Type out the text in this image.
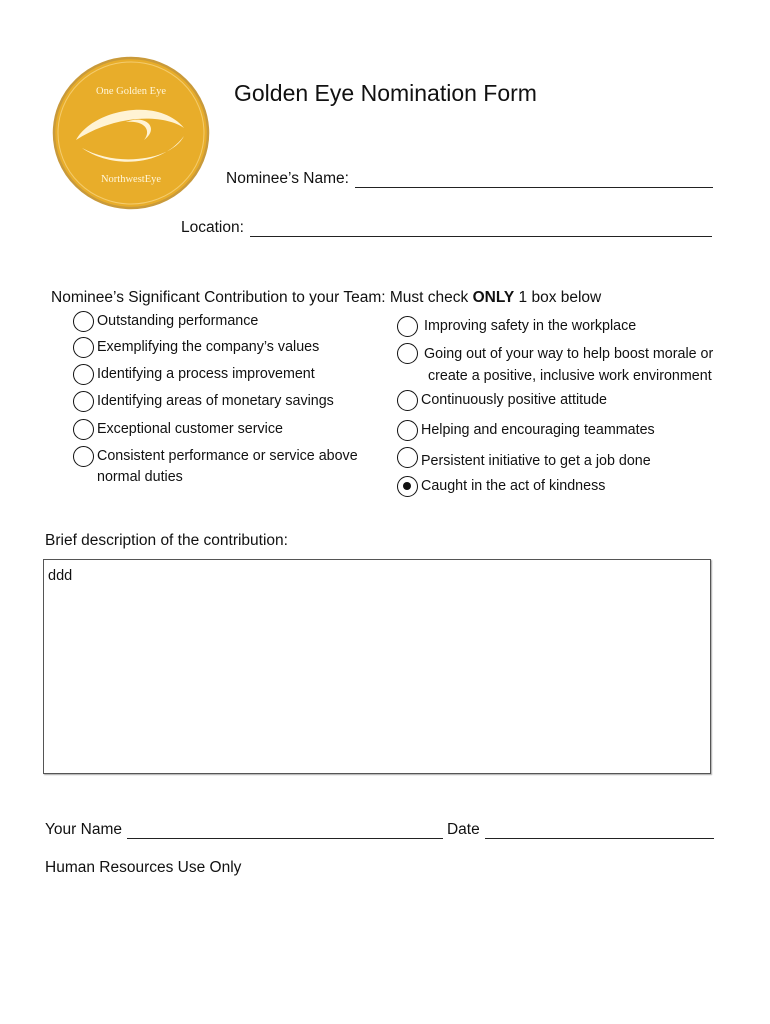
One Golden Eye
NorthwestEye
Golden Eye Nomination Form
Nominee’s Name:
Location:
Nominee’s Significant Contribution to your Team: Must check ONLY 1 box below
Outstanding performance
Exemplifying the company’s values
Identifying a process improvement
Identifying areas of monetary savings
Exceptional customer service
Consistent performance or service above
normal duties
Improving safety in the workplace
Going out of your way to help boost morale or
create a positive, inclusive work environment
Continuously positive attitude
Helping and encouraging teammates
Persistent initiative to get a job done
Caught in the act of kindness
Brief description of the contribution:
ddd
Your Name	Date
Human Resources Use Only
